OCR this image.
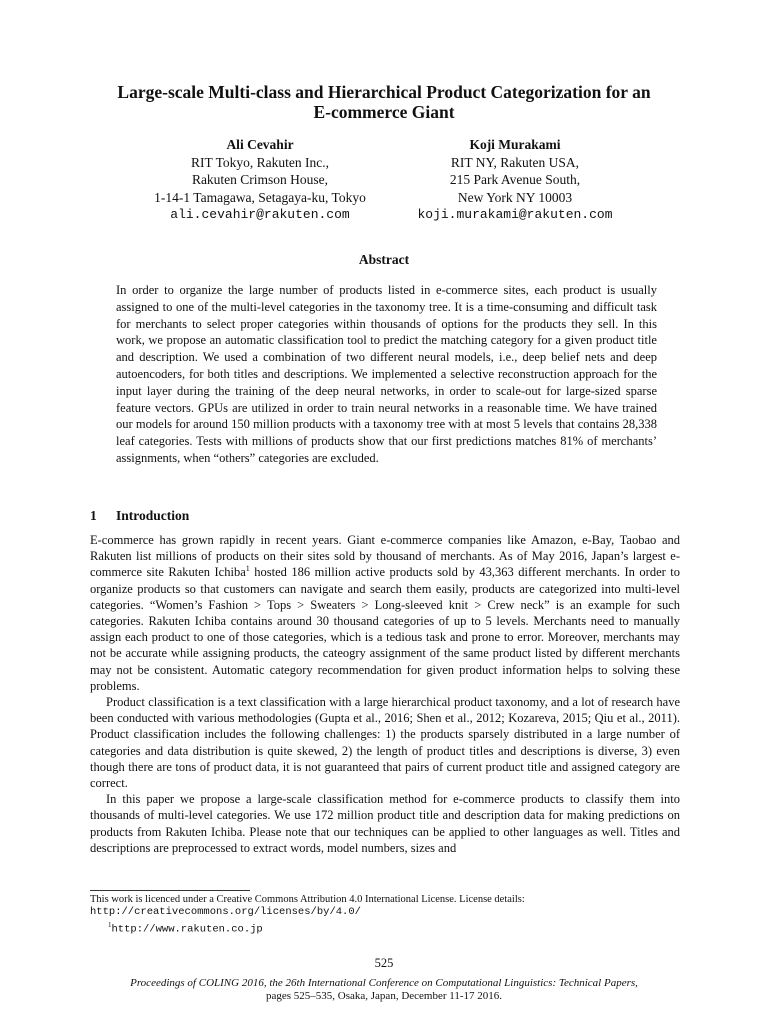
Large-scale Multi-class and Hierarchical Product Categorization for an
E-commerce Giant
Ali Cevahir
RIT Tokyo, Rakuten Inc.,
Rakuten Crimson House,
1-14-1 Tamagawa, Setagaya-ku, Tokyo
ali.cevahir@rakuten.com
Koji Murakami
RIT NY, Rakuten USA,
215 Park Avenue South,
New York NY 10003
koji.murakami@rakuten.com
Abstract
In order to organize the large number of products listed in e-commerce sites, each product is usually assigned to one of the multi-level categories in the taxonomy tree. It is a time-consuming and difficult task for merchants to select proper categories within thousands of options for the products they sell. In this work, we propose an automatic classification tool to predict the matching category for a given product title and description. We used a combination of two different neural models, i.e., deep belief nets and deep autoencoders, for both titles and descriptions. We implemented a selective reconstruction approach for the input layer during the training of the deep neural networks, in order to scale-out for large-sized sparse feature vectors. GPUs are utilized in order to train neural networks in a reasonable time. We have trained our models for around 150 million products with a taxonomy tree with at most 5 levels that contains 28,338 leaf categories. Tests with millions of products show that our first predictions matches 81% of merchants’ assignments, when “others” categories are excluded.
1 Introduction

E-commerce has grown rapidly in recent years. Giant e-commerce companies like Amazon, e-Bay, Taobao and Rakuten list millions of products on their sites sold by thousand of merchants. As of May 2016, Japan’s largest e-commerce site Rakuten Ichiba$^1$ hosted 186 million active products sold by 43,363 different merchants. In order to organize products so that customers can navigate and search them easily, products are categorized into multi-level categories. “Women’s Fashion > Tops > Sweaters > Long-sleeved knit > Crew neck” is an example for such categories. Rakuten Ichiba contains around 30 thousand categories of up to 5 levels. Merchants need to manually assign each product to one of those categories, which is a tedious task and prone to error. Moreover, merchants may not be accurate while assigning products, the cateogry assignment of the same product listed by different merchants may not be consistent. Automatic category recommendation for given product information helps to solving these problems.

Product classification is a text classification with a large hierarchical product taxonomy, and a lot of research have been conducted with various methodologies (Gupta et al., 2016; Shen et al., 2012; Kozareva, 2015; Qiu et al., 2011). Product classification includes the following challenges: 1) the products sparsely distributed in a large number of categories and data distribution is quite skewed, 2) the length of product titles and descriptions is diverse, 3) even though there are tons of product data, it is not guaranteed that pairs of current product title and assigned category are correct.

In this paper we propose a large-scale classification method for e-commerce products to classify them into thousands of multi-level categories. We use 172 million product title and description data for making predictions on products from Rakuten Ichiba. Please note that our techniques can be applied to other languages as well. Titles and descriptions are preprocessed to extract words, model numbers, sizes and

This work is licenced under a Creative Commons Attribution 4.0 International License. License details:
http://creativecommons.org/licenses/by/4.0/
$^1$http://www.rakuten.co.jp
525
Proceedings of COLING 2016, the 26th International Conference on Computational Linguistics: Technical Papers,
pages 525–535, Osaka, Japan, December 11-17 2016.
